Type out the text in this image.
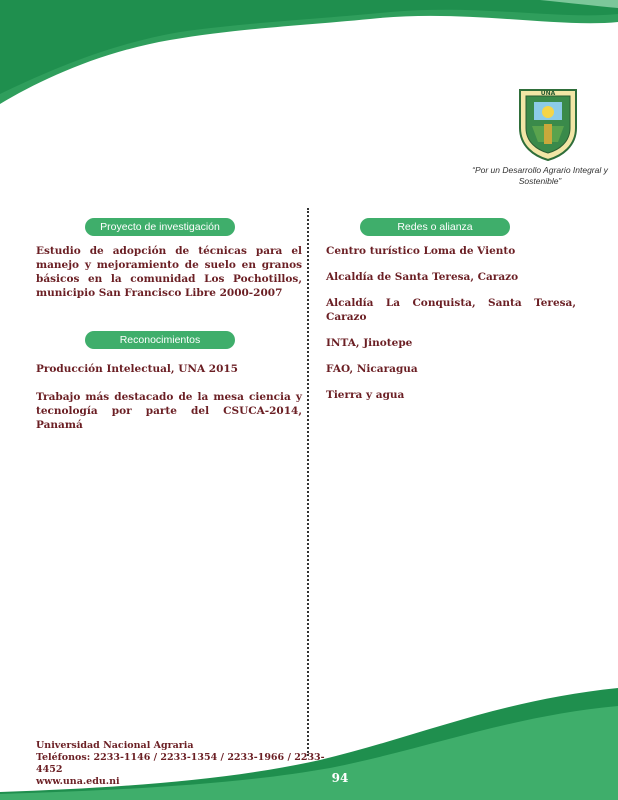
UNA
“Por un Desarrollo Agrario Integral y Sostenible”
Proyecto de investigación

Estudio de adopción de técnicas para el manejo y mejoramiento de suelo en granos básicos en la comunidad Los Pochotillos, municipio San Francisco Libre 2000-2007

Reconocimientos

Producción Intelectual, UNA 2015

Trabajo más destacado de la mesa ciencia y tecnología por parte del CSUCA-2014, Panamá

Redes o alianza
Centro turístico Loma de Viento
Alcaldía de Santa Teresa, Carazo
Alcaldía La Conquista, Santa Teresa, Carazo
INTA, Jinotepe
FAO, Nicaragua
Tierra y agua
Universidad Nacional Agraria
Teléfonos: 2233-1146 / 2233-1354 / 2233-1966 / 2233-4452
www.una.edu.ni	94
